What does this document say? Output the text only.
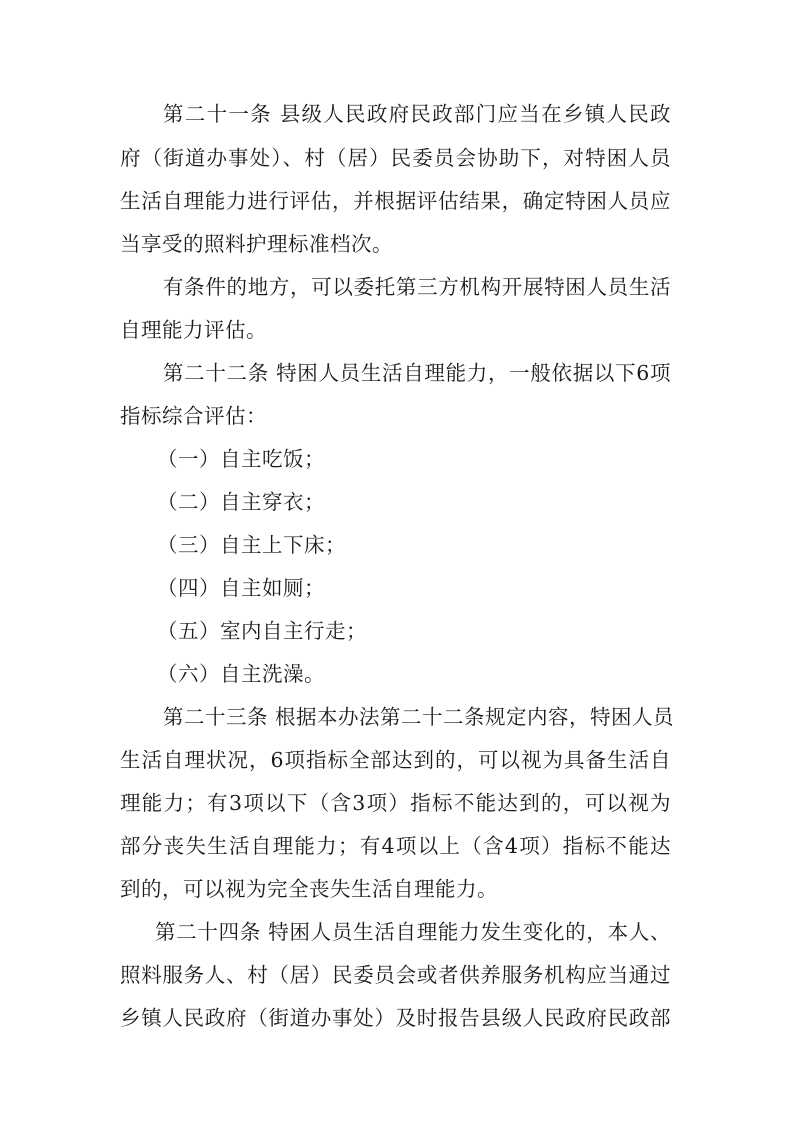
第二十一条 县级人民政府民政部门应当在乡镇人民政
府（街道办事处）、村（居）民委员会协助下，对特困人员
生活自理能力进行评估，并根据评估结果，确定特困人员应
当享受的照料护理标准档次。
有条件的地方，可以委托第三方机构开展特困人员生活
自理能力评估。
第二十二条 特困人员生活自理能力，一般依据以下6项
指标综合评估：
（一）自主吃饭；
（二）自主穿衣；
（三）自主上下床；
（四）自主如厕；
（五）室内自主行走；
（六）自主洗澡。
第二十三条 根据本办法第二十二条规定内容，特困人员
生活自理状况，6项指标全部达到的，可以视为具备生活自
理能力；有3项以下（含3项）指标不能达到的，可以视为
部分丧失生活自理能力；有4项以上（含4项）指标不能达
到的，可以视为完全丧失生活自理能力。
第二十四条 特困人员生活自理能力发生变化的，本人、
照料服务人、村（居）民委员会或者供养服务机构应当通过
乡镇人民政府（街道办事处）及时报告县级人民政府民政部
